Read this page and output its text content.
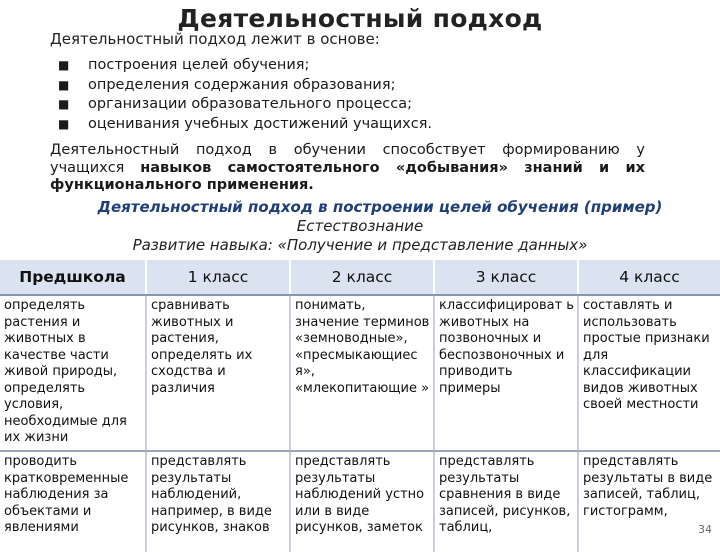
Деятельностный подход
Деятельностный подход лежит в основе:
■ построения целей обучения;
■ определения содержания образования;
■ организации образовательного процесса;
■ оценивания учебных достижений учащихся.
Деятельностный подход в обучении способствует формированию у учащихся навыков самостоятельного «добывания» знаний и их функционального применения.
Деятельностный подход в построении целей обучения (пример)
Естествознание
Развитие навыка: «Получение и представление данных»
Предшкола	1 класс	2 класс	3 класс	4 класс
определять растения и животных в качестве части живой природы, определять условия, необходимые для их жизни	сравнивать животных и растения, определять их сходства и различия	понимать, значение терминов «земноводные», «пресмыкающиес я», «млекопитающие »	классифицироват ь животных на позвоночных и беспозвоночных и приводить примеры	составлять и использовать простые признаки для классификации видов животных своей местности
проводить кратковременные наблюдения за объектами и явлениями	представлять результаты наблюдений, например, в виде рисунков, знаков	представлять результаты наблюдений устно или в виде рисунков, заметок	представлять результаты сравнения в виде записей, рисунков, таблиц,	представлять результаты в виде записей, таблиц, гистограмм,
34
